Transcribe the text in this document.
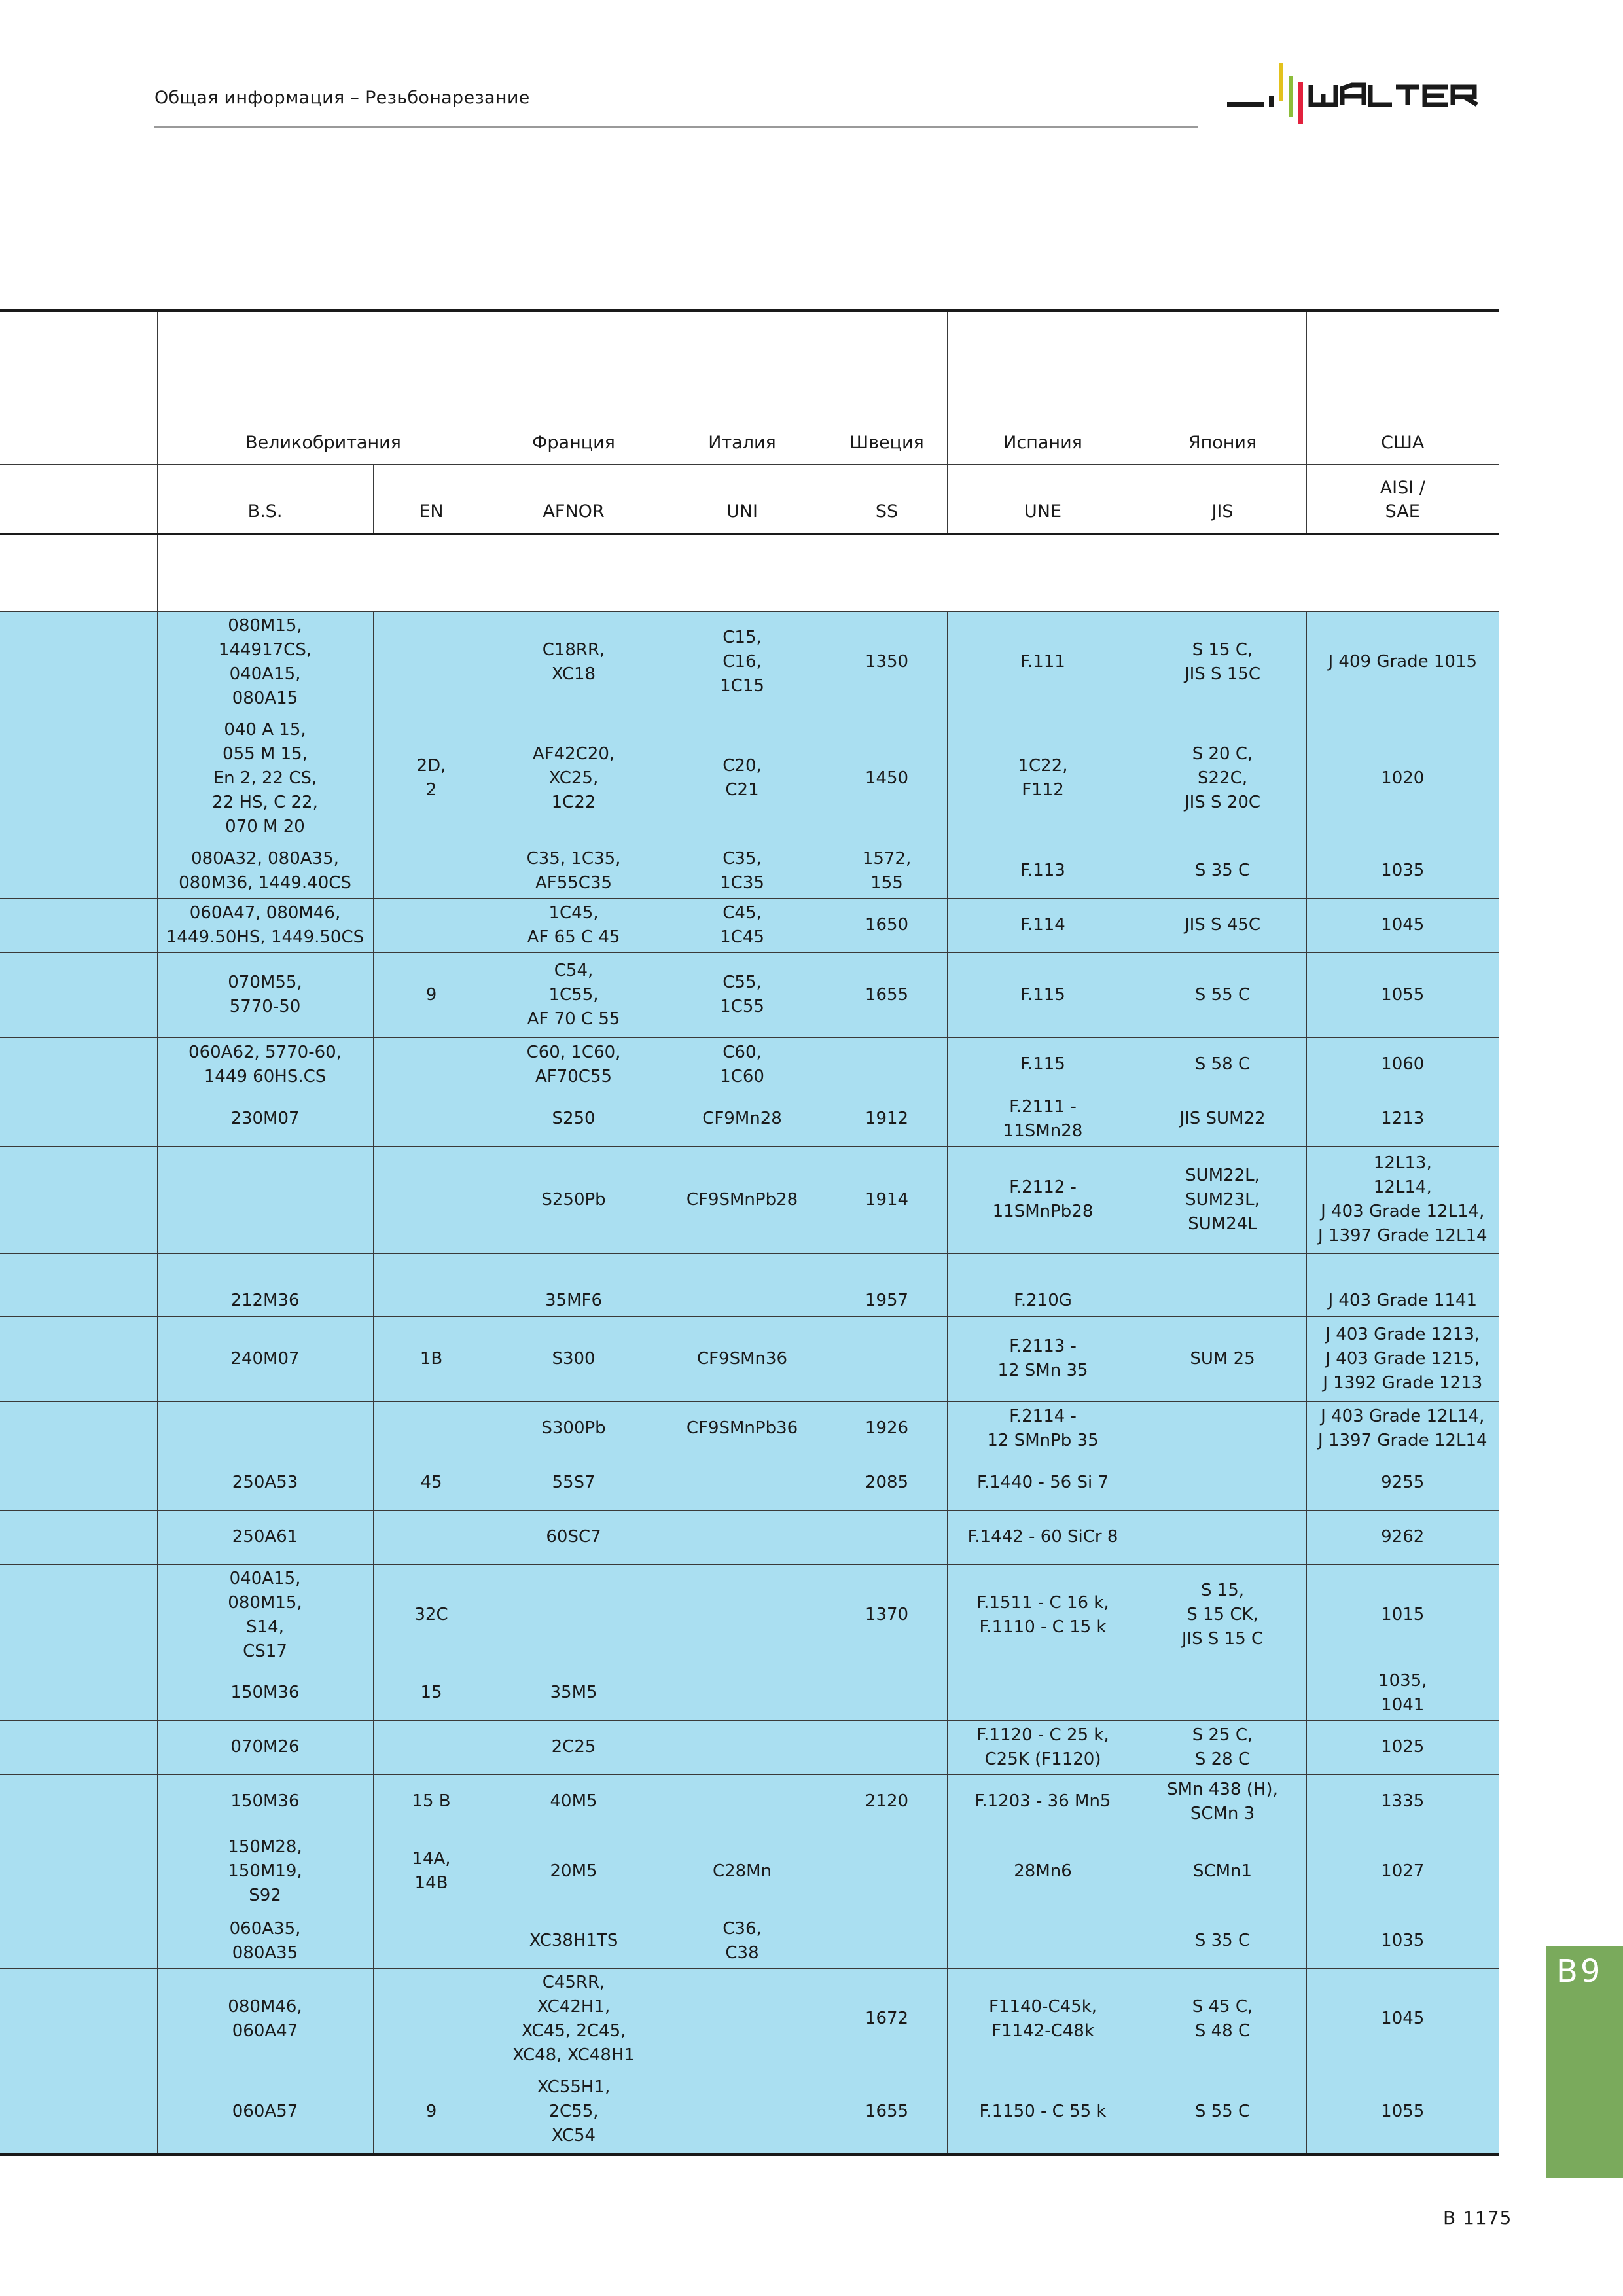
Общая информация – Резьбонарезание
	Великобритания		Франция	Италия	Швеция	Испания	Япония	США
	B.S.	EN	AFNOR	UNI	SS	UNE	JIS	AISI /
SAE

	080M15,
144917CS,
040A15,
080A15		C18RR,
XC18	C15,
C16,
1C15	1350	F.111	S 15 C,
JIS S 15C	J 409 Grade 1015
	040 A 15,
055 M 15,
En 2, 22 CS,
22 HS, C 22,
070 M 20	2D,
2	AF42C20,
XC25,
1C22	C20,
C21	1450	1C22,
F112	S 20 C,
S22C,
JIS S 20C	1020
	080A32, 080A35,
080M36, 1449.40CS		C35, 1C35,
AF55C35	C35,
1C35	1572,
155	F.113	S 35 C	1035
	060A47, 080M46,
1449.50HS, 1449.50CS		1C45,
AF 65 C 45	C45,
1C45	1650	F.114	JIS S 45C	1045
	070M55,
5770-50	9	C54,
1C55,
AF 70 C 55	C55,
1C55	1655	F.115	S 55 C	1055
	060A62, 5770-60,
1449 60HS.CS		C60, 1C60,
AF70C55	C60,
1C60		F.115	S 58 C	1060
	230M07		S250	CF9Mn28	1912	F.2111 -
11SMn28	JIS SUM22	1213
			S250Pb	CF9SMnPb28	1914	F.2112 -
11SMnPb28	SUM22L,
SUM23L,
SUM24L	12L13,
12L14,
J 403 Grade 12L14,
J 1397 Grade 12L14

	212M36		35MF6		1957	F.210G		J 403 Grade 1141
	240M07	1B	S300	CF9SMn36		F.2113 -
12 SMn 35	SUM 25	J 403 Grade 1213,
J 403 Grade 1215,
J 1392 Grade 1213
			S300Pb	CF9SMnPb36	1926	F.2114 -
12 SMnPb 35		J 403 Grade 12L14,
J 1397 Grade 12L14
	250A53	45	55S7		2085	F.1440 - 56 Si 7		9255
	250A61		60SC7			F.1442 - 60 SiCr 8		9262
	040A15,
080M15,
S14,
CS17	32C			1370	F.1511 - C 16 k,
F.1110 - C 15 k	S 15,
S 15 CK,
JIS S 15 C	1015
	150M36	15	35M5					1035,
1041
	070M26		2C25			F.1120 - C 25 k,
C25K (F1120)	S 25 C,
S 28 C	1025
	150M36	15 B	40M5		2120	F.1203 - 36 Mn5	SMn 438 (H),
SCMn 3	1335
	150M28,
150M19,
S92	14A,
14B	20M5	C28Mn		28Mn6	SCMn1	1027
	060A35,
080A35		XC38H1TS	C36,
C38			S 35 C	1035
	080M46,
060A47		C45RR,
XC42H1,
XC45, 2C45,
XC48, XC48H1		1672	F1140-C45k,
F1142-C48k	S 45 C,
S 48 C	1045
	060A57	9	XC55H1,
2C55,
XC54		1655	F.1150 - C 55 k	S 55 C	1055
B9
B 1175
